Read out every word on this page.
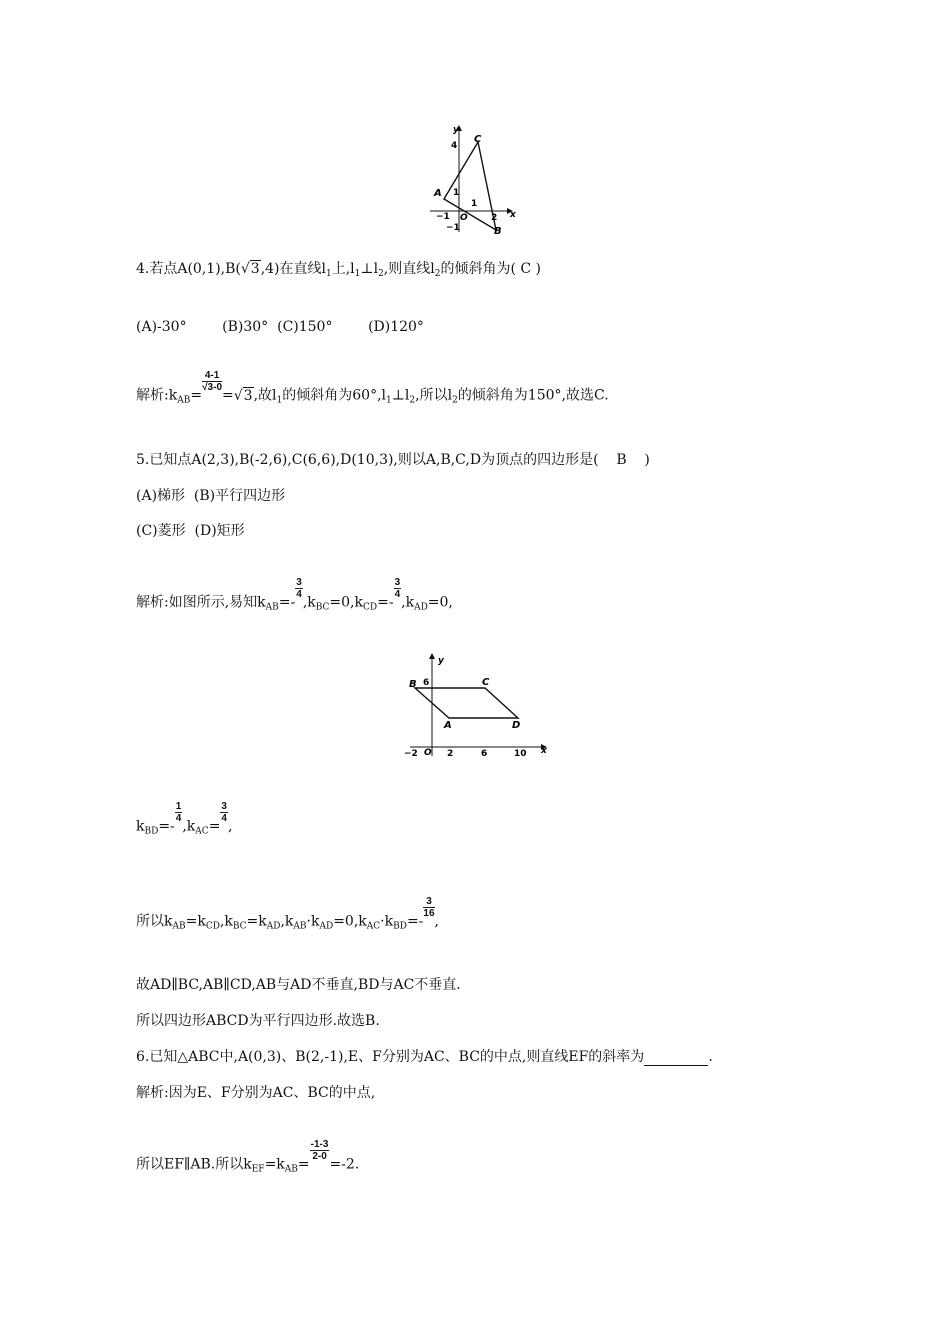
y
x
C
A
B
O
4
1
1
−1
−1
2
4.若点A(0,1),B(√3,4)在直线$l_1$上$,l_1\perp l_2$,则直线$l_2$的倾斜角为( C )
(A)-30°        (B)30°  (C)150°        (D)120°
解析$:k_{AB}=$
$\frac{4-1}{√3-0}$
=√3,故$l_1$的倾斜角为$60^\circ,l_1\perp l_2$,所以$l_2$的倾斜角为150°,故选C.
5.已知点A(2,3),B(-2,6),C(6,6),D(10,3),则以A,B,C,D为顶点的四边形是(    B    )
(A)梯形  (B)平行四边形
(C)菱形  (D)矩形
解析:如图所示,易知$k_{AB}=-$
$\frac{3}{4}$
$,k_{BC}=0,k_{CD}=-$
$\frac{3}{4}$
$,k_{AD}=0$,
y
x
B	C
A	D
O
6
−2	2	6	10
$k_{BD}=-$
$\frac{1}{4}$
$,k_{AC}=$
$\frac{3}{4}$
,
所以$k_{AB}=k_{CD},k_{BC}=k_{AD},k_{AB}\cdot k_{AD}=0,k_{AC}\cdot k_{BD}=-$
$\frac{3}{16}$
,
故AD∥BC,AB∥CD,AB与AD不垂直,BD与AC不垂直.
所以四边形ABCD为平行四边形.故选B.
6.已知△ABC中,A(0,3)、B(2,-1),E、F分别为AC、BC的中点,则直线EF的斜率为	.
解析:因为E、F分别为AC、BC的中点,
所以EF∥AB.所以$k_{EF}=k_{AB}=$
$\frac{-1-3}{2-0}$
=-2.
